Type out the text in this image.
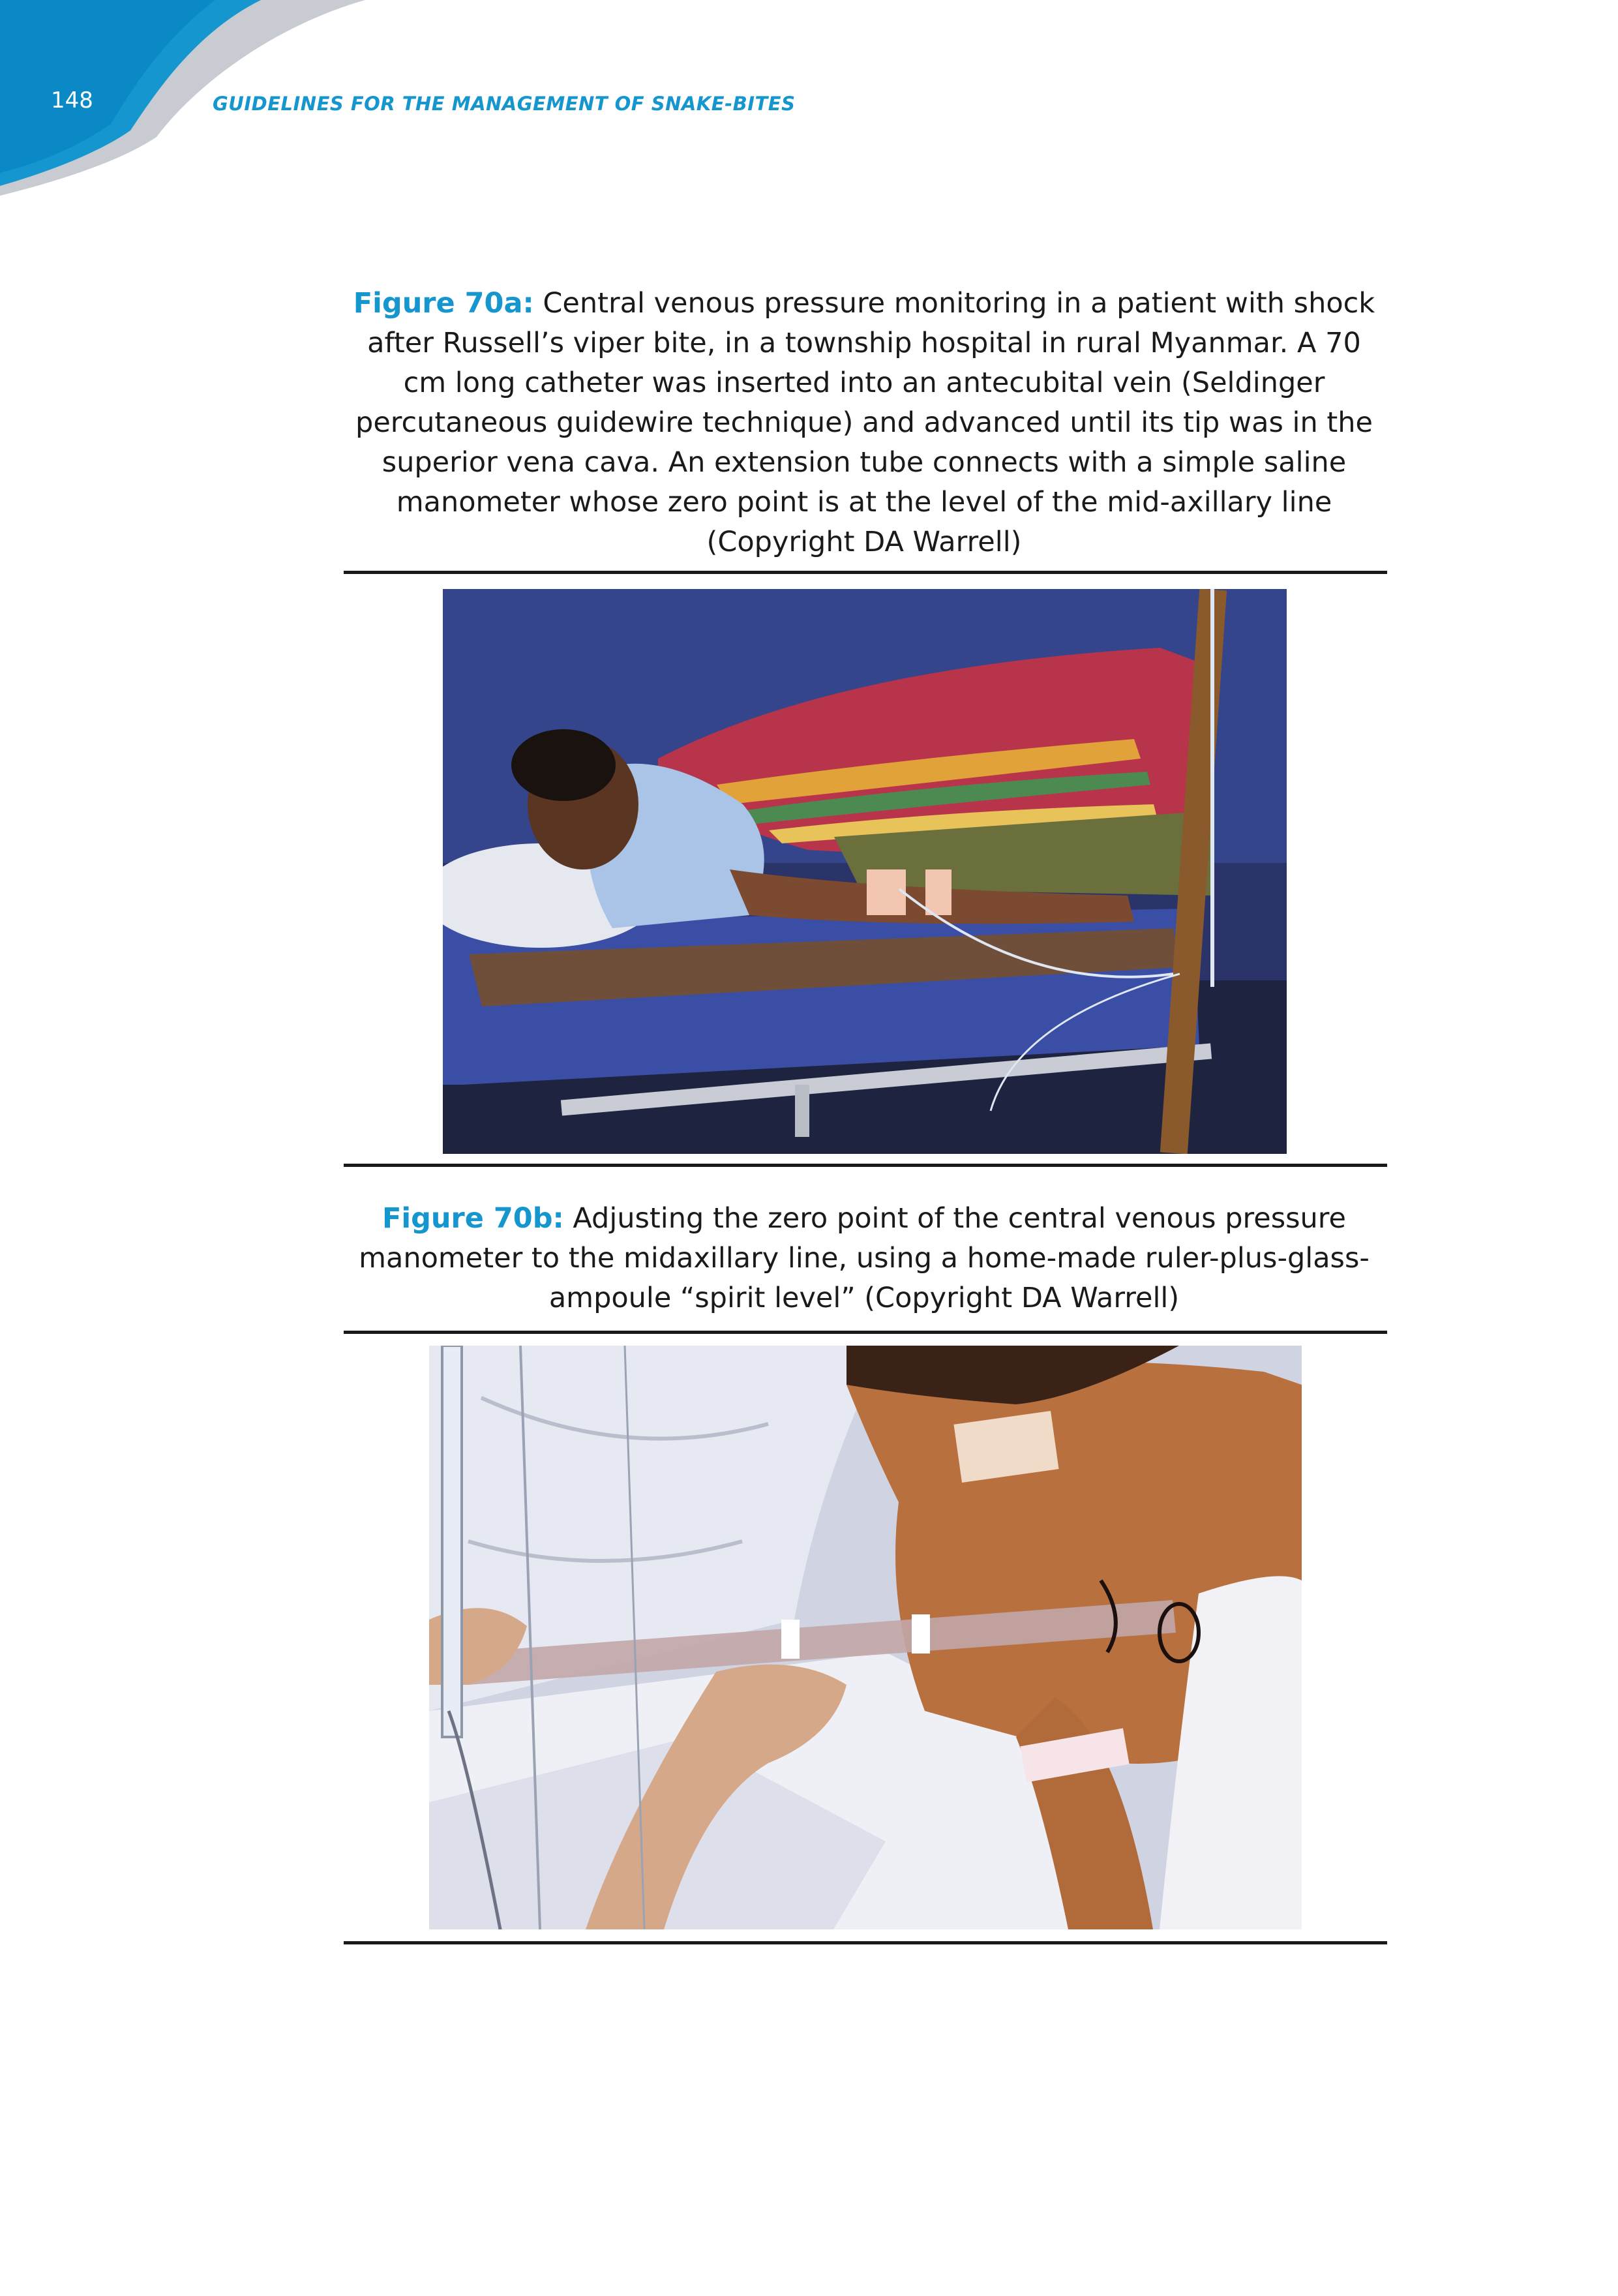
148	GUIDELINES FOR THE MANAGEMENT OF SNAKE-BITES
Figure 70a: Central venous pressure monitoring in a patient with shock after Russell’s viper bite, in a township hospital in rural Myanmar. A 70 cm long catheter was inserted into an antecubital vein (Seldinger percutaneous guidewire technique) and advanced until its tip was in the superior vena cava. An extension tube connects with a simple saline manometer whose zero point is at the level of the mid-axillary line (Copyright DA Warrell)
Figure 70b: Adjusting the zero point of the central venous pressure manometer to the midaxillary line, using a home-made ruler-plus-glass-ampoule “spirit level” (Copyright DA Warrell)
